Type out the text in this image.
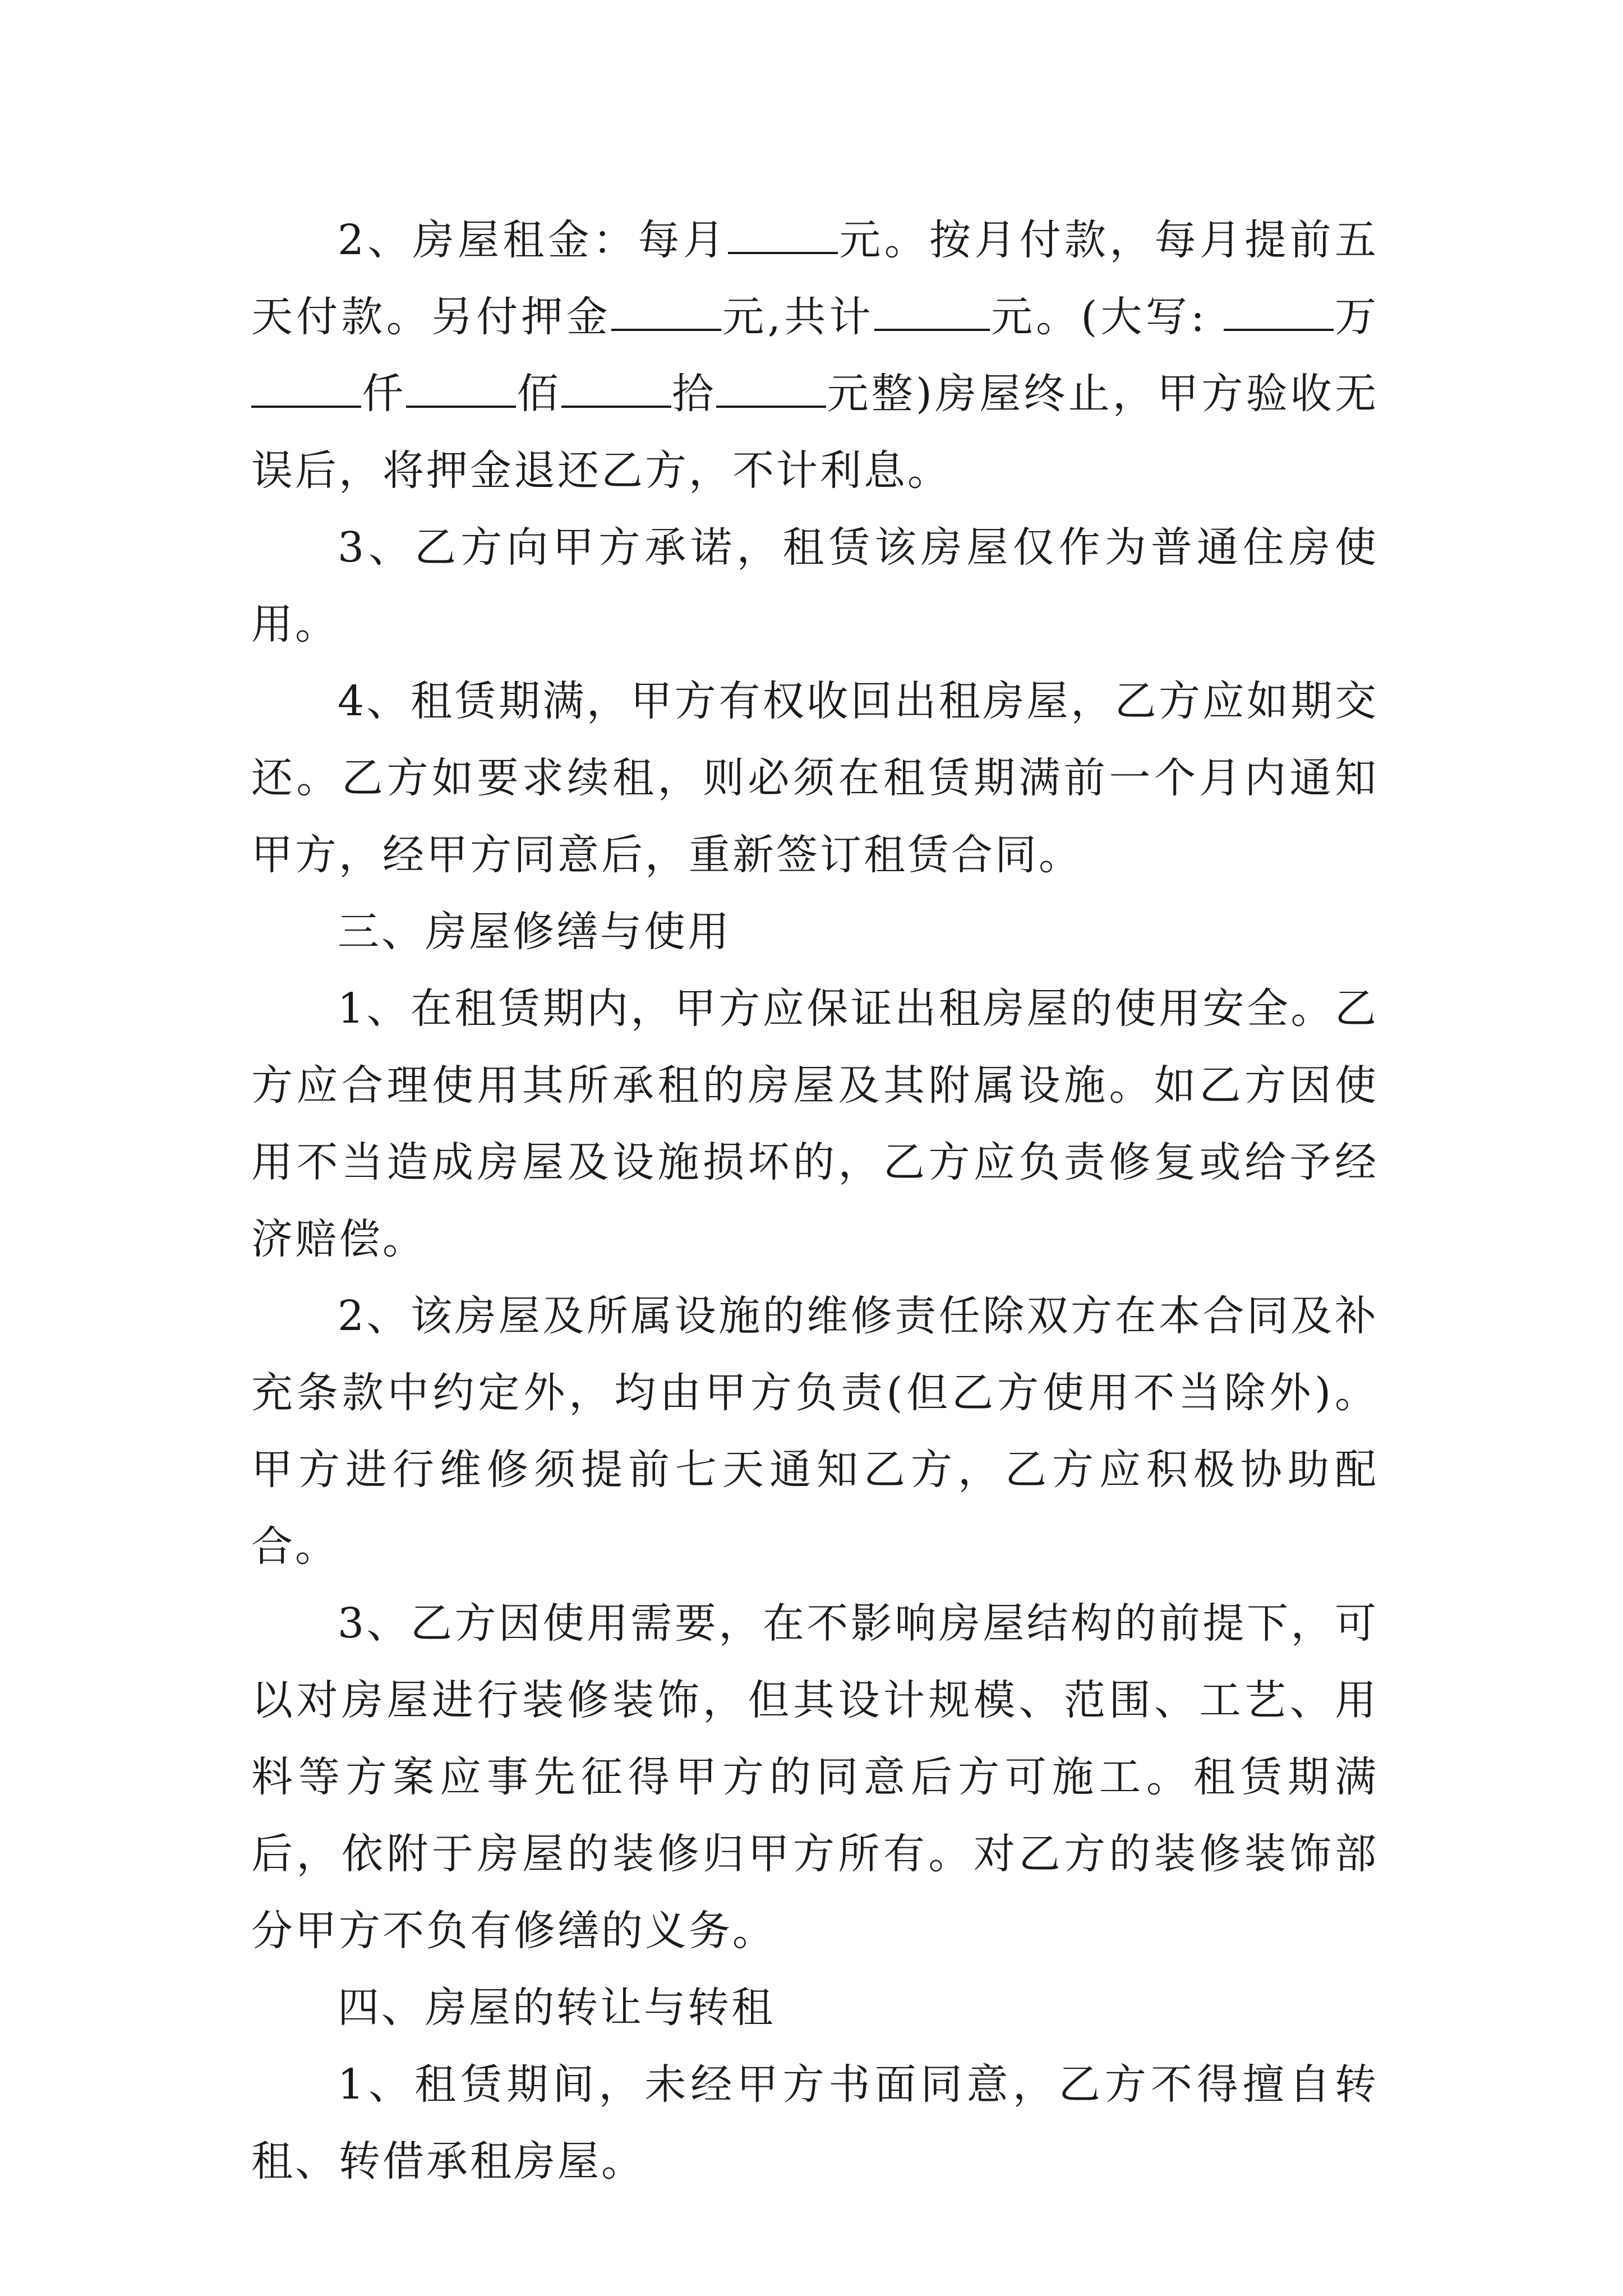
2、房屋租金：每月	元。按月付款，每月提前五天付款。另付押金	元,共计	元。(大写:	万仟	佰	拾	元整)房屋终止，甲方验收无误后，将押金退还乙方，不计利息。

3、乙方向甲方承诺，租赁该房屋仅作为普通住房使用。

4、租赁期满，甲方有权收回出租房屋，乙方应如期交还。乙方如要求续租，则必须在租赁期满前一个月内通知甲方，经甲方同意后，重新签订租赁合同。

三、房屋修缮与使用

1、在租赁期内，甲方应保证出租房屋的使用安全。乙方应合理使用其所承租的房屋及其附属设施。如乙方因使用不当造成房屋及设施损坏的，乙方应负责修复或给予经济赔偿。

2、该房屋及所属设施的维修责任除双方在本合同及补充条款中约定外，均由甲方负责(但乙方使用不当除外)。甲方进行维修须提前七天通知乙方，乙方应积极协助配合。

3、乙方因使用需要，在不影响房屋结构的前提下，可以对房屋进行装修装饰，但其设计规模、范围、工艺、用料等方案应事先征得甲方的同意后方可施工。租赁期满后，依附于房屋的装修归甲方所有。对乙方的装修装饰部分甲方不负有修缮的义务。

四、房屋的转让与转租

1、租赁期间，未经甲方书面同意，乙方不得擅自转租、转借承租房屋。
